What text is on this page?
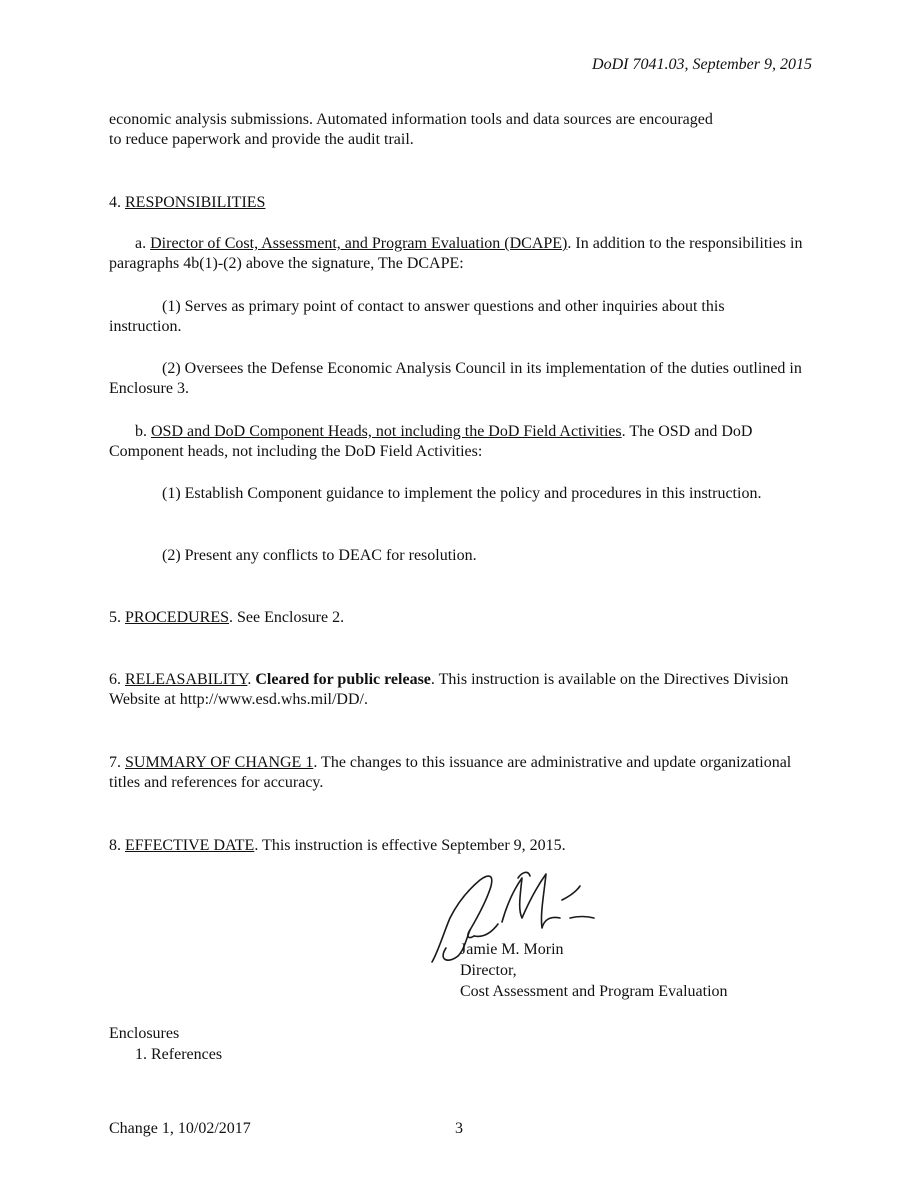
DoDI 7041.03, September 9, 2015
economic analysis submissions. Automated information tools and data sources are encouraged
to reduce paperwork and provide the audit trail.
4. RESPONSIBILITIES
a. Director of Cost, Assessment, and Program Evaluation (DCAPE). In addition to the responsibilities in paragraphs 4b(1)-(2) above the signature, The DCAPE:
(1) Serves as primary point of contact to answer questions and other inquiries about this instruction.
(2) Oversees the Defense Economic Analysis Council in its implementation of the duties outlined in Enclosure 3.
b. OSD and DoD Component Heads, not including the DoD Field Activities. The OSD and DoD Component heads, not including the DoD Field Activities:
(1) Establish Component guidance to implement the policy and procedures in this instruction.
(2) Present any conflicts to DEAC for resolution.
5. PROCEDURES. See Enclosure 2.
6. RELEASABILITY. Cleared for public release. This instruction is available on the Directives Division Website at http://www.esd.whs.mil/DD/.
7. SUMMARY OF CHANGE 1. The changes to this issuance are administrative and update organizational titles and references for accuracy.
8. EFFECTIVE DATE. This instruction is effective September 9, 2015.
Jamie M. Morin
Director,
Cost Assessment and Program Evaluation
Enclosures
1. References
Change 1, 10/02/2017	3
